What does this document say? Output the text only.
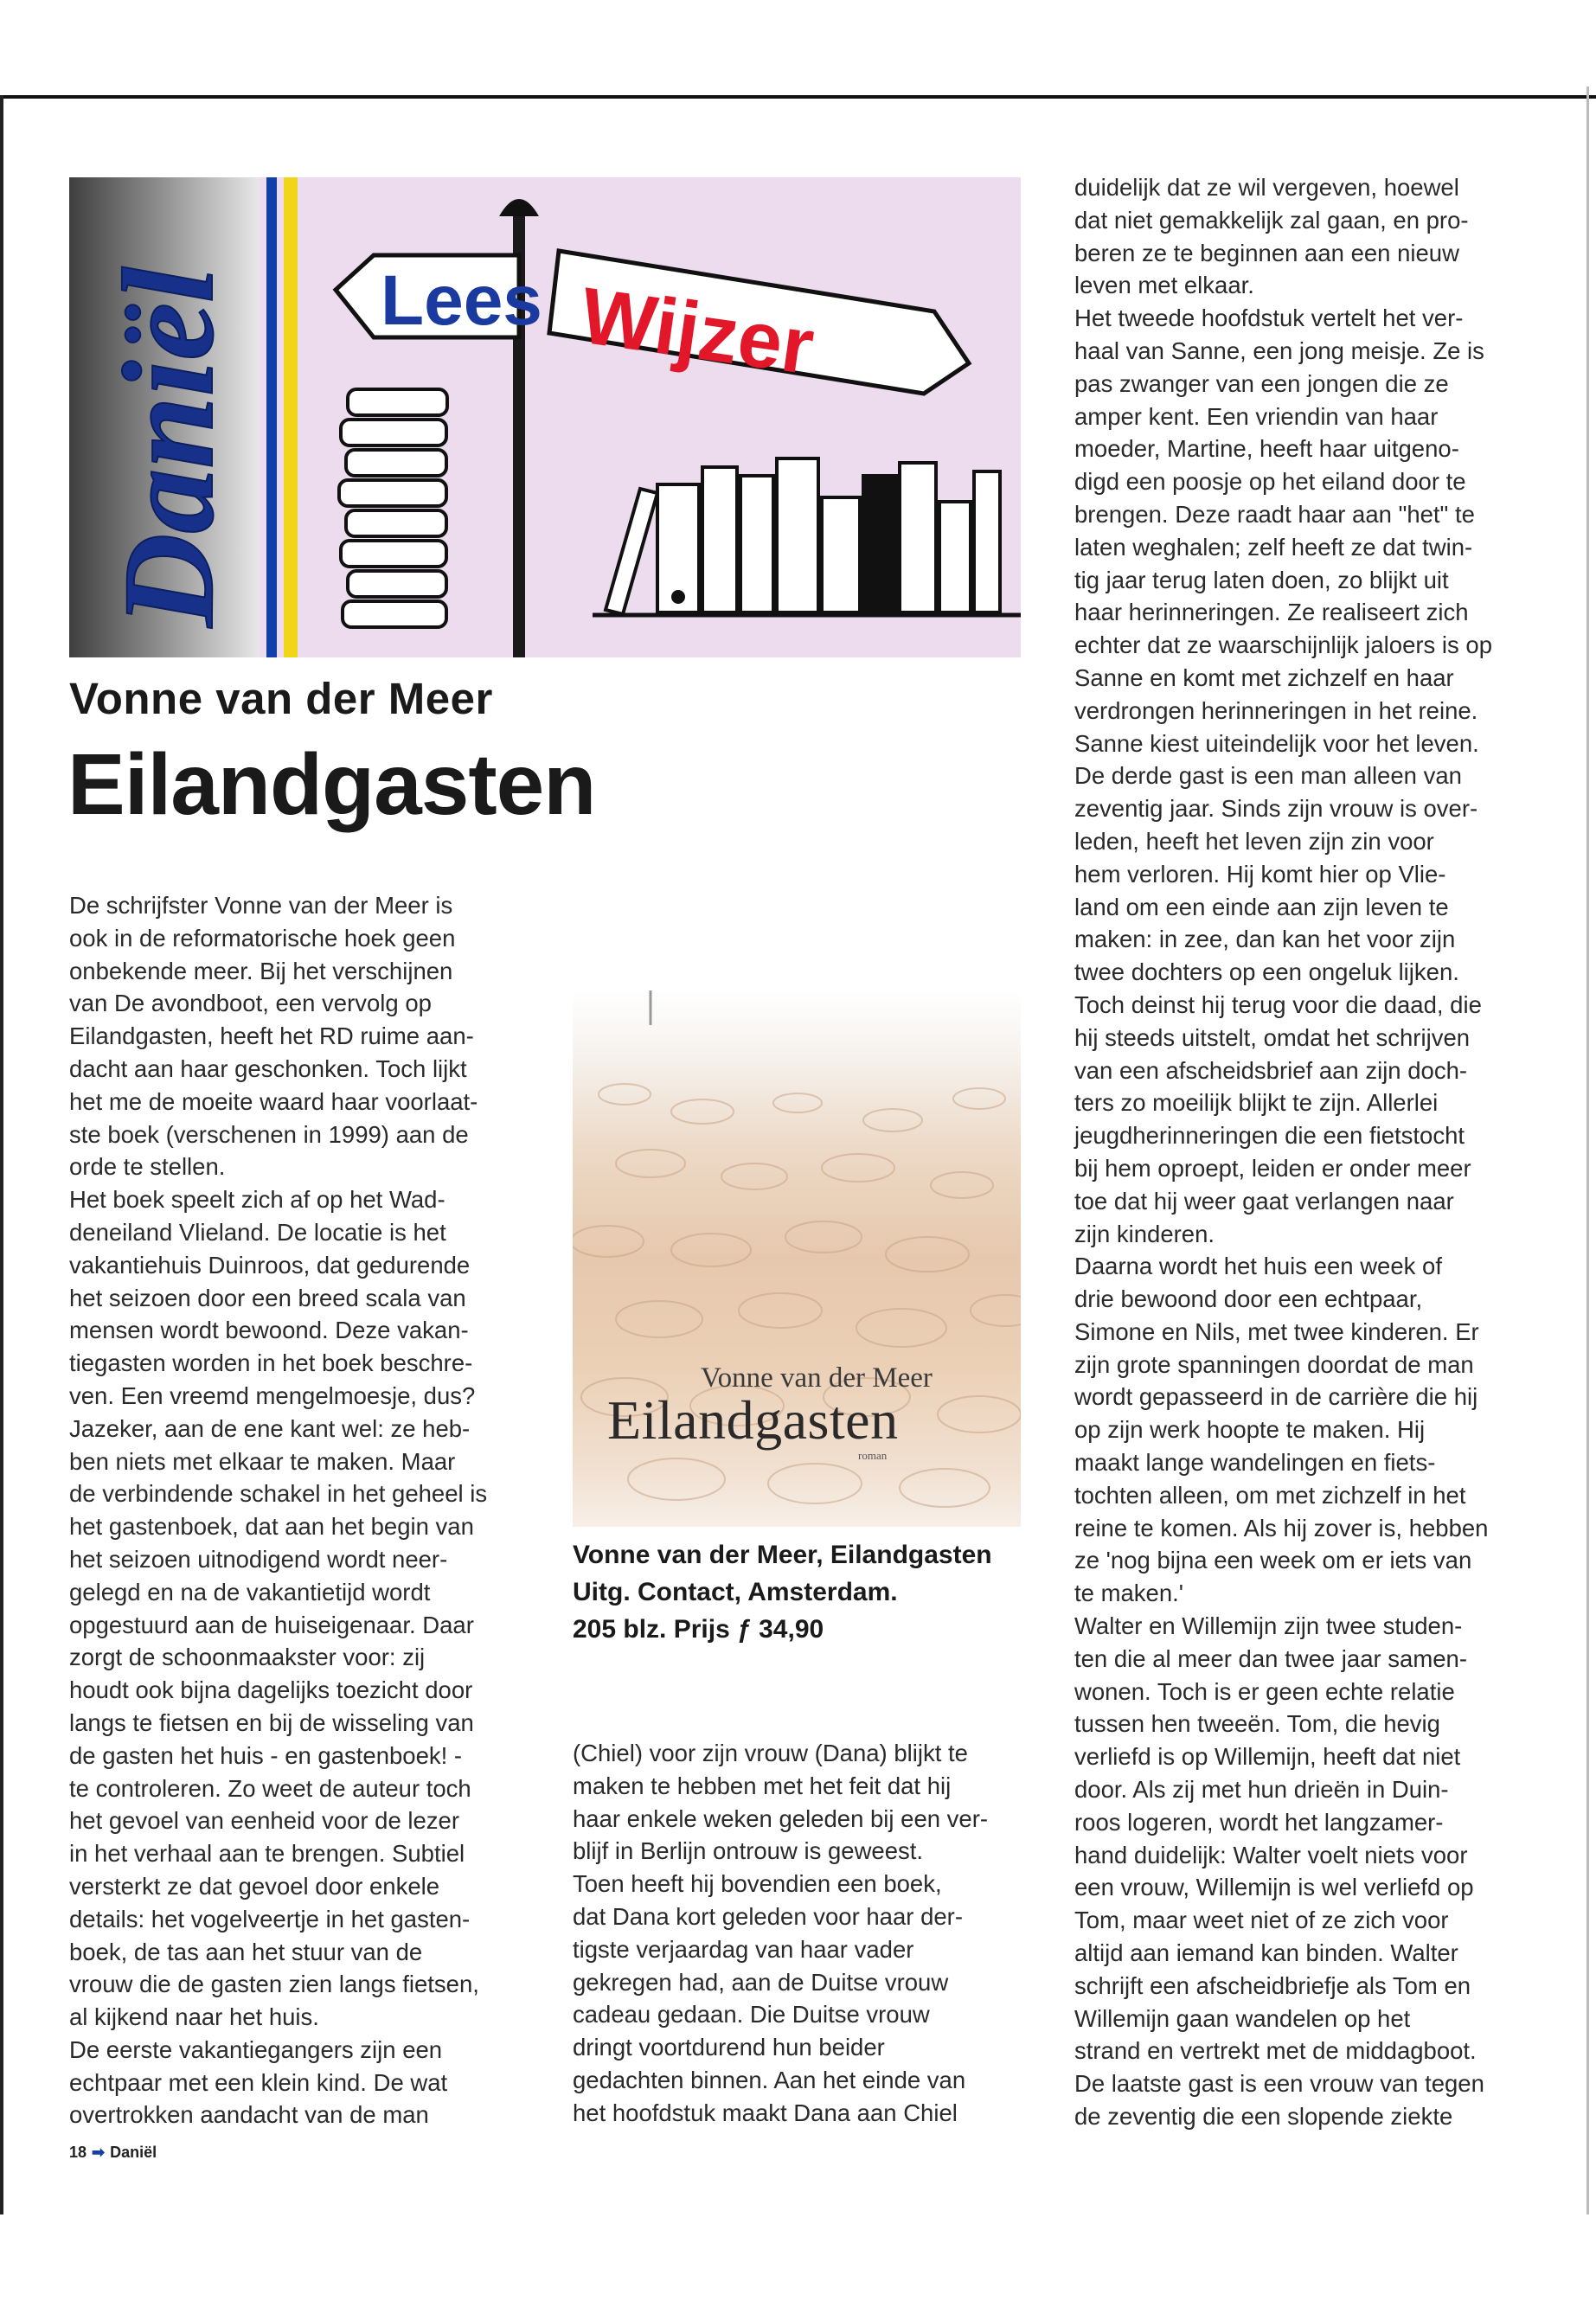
Daniël Lees Wijzer
Vonne van der Meer
Eilandgasten

De schrijfster Vonne van der Meer is

ook in de reformatorische hoek geen

onbekende meer. Bij het verschijnen

van De avondboot, een vervolg op

Eilandgasten, heeft het RD ruime aan-

dacht aan haar geschonken. Toch lijkt

het me de moeite waard haar voorlaat-

ste boek (verschenen in 1999) aan de

orde te stellen.

Het boek speelt zich af op het Wad-

deneiland Vlieland. De locatie is het

vakantiehuis Duinroos, dat gedurende

het seizoen door een breed scala van

mensen wordt bewoond. Deze vakan-

tiegasten worden in het boek beschre-

ven. Een vreemd mengelmoesje, dus?

Jazeker, aan de ene kant wel: ze heb-

ben niets met elkaar te maken. Maar

de verbindende schakel in het geheel is

het gastenboek, dat aan het begin van

het seizoen uitnodigend wordt neer-

gelegd en na de vakantietijd wordt

opgestuurd aan de huiseigenaar. Daar

zorgt de schoonmaakster voor: zij

houdt ook bijna dagelijks toezicht door

langs te fietsen en bij de wisseling van

de gasten het huis - en gastenboek! -

te controleren. Zo weet de auteur toch

het gevoel van eenheid voor de lezer

in het verhaal aan te brengen. Subtiel

versterkt ze dat gevoel door enkele

details: het vogelveertje in het gasten-

boek, de tas aan het stuur van de

vrouw die de gasten zien langs fietsen,

al kijkend naar het huis.

De eerste vakantiegangers zijn een

echtpaar met een klein kind. De wat

overtrokken aandacht van de man

Vonne van der Meer
Eilandgasten
roman
Vonne van der Meer, Eilandgasten
Uitg. Contact, Amsterdam.
205 blz. Prijs ƒ 34,90

(Chiel) voor zijn vrouw (Dana) blijkt te

maken te hebben met het feit dat hij

haar enkele weken geleden bij een ver-

blijf in Berlijn ontrouw is geweest.

Toen heeft hij bovendien een boek,

dat Dana kort geleden voor haar der-

tigste verjaardag van haar vader

gekregen had, aan de Duitse vrouw

cadeau gedaan. Die Duitse vrouw

dringt voortdurend hun beider

gedachten binnen. Aan het einde van

het hoofdstuk maakt Dana aan Chiel

duidelijk dat ze wil vergeven, hoewel

dat niet gemakkelijk zal gaan, en pro-

beren ze te beginnen aan een nieuw

leven met elkaar.

Het tweede hoofdstuk vertelt het ver-

haal van Sanne, een jong meisje. Ze is

pas zwanger van een jongen die ze

amper kent. Een vriendin van haar

moeder, Martine, heeft haar uitgeno-

digd een poosje op het eiland door te

brengen. Deze raadt haar aan "het" te

laten weghalen; zelf heeft ze dat twin-

tig jaar terug laten doen, zo blijkt uit

haar herinneringen. Ze realiseert zich

echter dat ze waarschijnlijk jaloers is op

Sanne en komt met zichzelf en haar

verdrongen herinneringen in het reine.

Sanne kiest uiteindelijk voor het leven.

De derde gast is een man alleen van

zeventig jaar. Sinds zijn vrouw is over-

leden, heeft het leven zijn zin voor

hem verloren. Hij komt hier op Vlie-

land om een einde aan zijn leven te

maken: in zee, dan kan het voor zijn

twee dochters op een ongeluk lijken.

Toch deinst hij terug voor die daad, die

hij steeds uitstelt, omdat het schrijven

van een afscheidsbrief aan zijn doch-

ters zo moeilijk blijkt te zijn. Allerlei

jeugdherinneringen die een fietstocht

bij hem oproept, leiden er onder meer

toe dat hij weer gaat verlangen naar

zijn kinderen.

Daarna wordt het huis een week of

drie bewoond door een echtpaar,

Simone en Nils, met twee kinderen. Er

zijn grote spanningen doordat de man

wordt gepasseerd in de carrière die hij

op zijn werk hoopte te maken. Hij

maakt lange wandelingen en fiets-

tochten alleen, om met zichzelf in het

reine te komen. Als hij zover is, hebben

ze 'nog bijna een week om er iets van

te maken.'

Walter en Willemijn zijn twee studen-

ten die al meer dan twee jaar samen-

wonen. Toch is er geen echte relatie

tussen hen tweeën. Tom, die hevig

verliefd is op Willemijn, heeft dat niet

door. Als zij met hun drieën in Duin-

roos logeren, wordt het langzamer-

hand duidelijk: Walter voelt niets voor

een vrouw, Willemijn is wel verliefd op

Tom, maar weet niet of ze zich voor

altijd aan iemand kan binden. Walter

schrijft een afscheidbriefje als Tom en

Willemijn gaan wandelen op het

strand en vertrekt met de middagboot.

De laatste gast is een vrouw van tegen

de zeventig die een slopende ziekte

18 ➡ Daniël
